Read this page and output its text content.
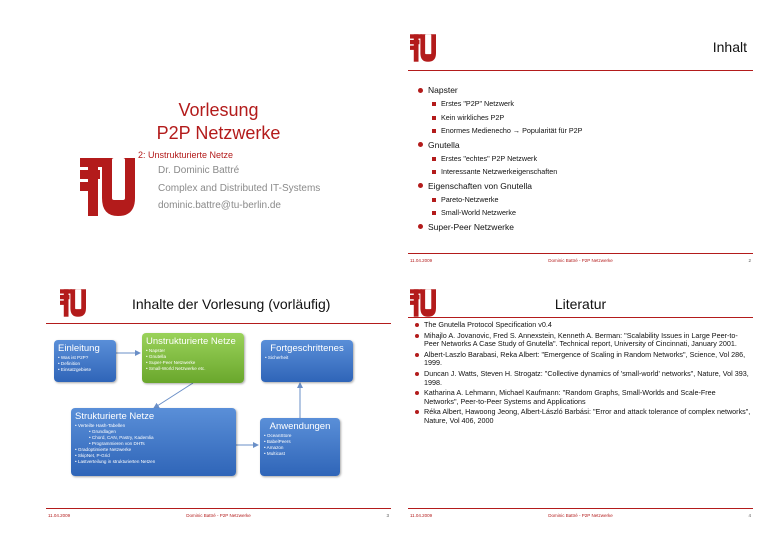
Vorlesung
P2P Netzwerke
2: Unstrukturierte Netze
Dr. Dominic Battré
Complex and Distributed IT-Systems
dominic.battre@tu-berlin.de
Inhalt
Napster
Erstes "P2P" Netzwerk
Kein wirkliches P2P
Enormes Medienecho → Popularität für P2P
Gnutella
Erstes "echtes" P2P Netzwerk
Interessante Netzwerkeigenschaften
Eigenschaften von Gnutella
Pareto-Netzwerke
Small-World Netzwerke
Super-Peer Netzwerke
11.04.2009	Dominic Battré - P2P Netzwerke	2
Inhalte der Vorlesung (vorläufig)
Einleitung
• Was ist P2P?
• Definition
• Einsatzgebiete
Unstrukturierte Netze
• Napster
• Gnutella
• Super-Peer Netzwerke
• Small-World Netzwerke etc.
Fortgeschrittenes
• Sicherheit
Strukturierte Netze
• Verteilte Hash-Tabellen
• Grundlagen
• Chord, CAN, Pastry, Kademlia
• Programmieren von DHTs
• Gradoptimierte Netzwerke
• SkipNet, P-Grid
• Lastverteilung in strukturierten Netzen
Anwendungen
• OceanStore
• BabelPeers
• Amazon
• Multicast
11.04.2009	Dominic Battré - P2P Netzwerke	3
Literatur
The Gnutella Protocol Specification v0.4
Mihajlo A. Jovanovic, Fred S. Annexstein, Kenneth A. Berman: "Scalability Issues in Large Peer-to-Peer Networks A Case Study of Gnutella". Technical report, University of Cincinnati, January 2001.
Albert-Laszlo Barabasi, Reka Albert: "Emergence of Scaling in Random Networks", Science, Vol 286, 1999.
Duncan J. Watts, Steven H. Strogatz: "Collective dynamics of 'small-world' networks", Nature, Vol 393, 1998.
Katharina A. Lehmann, Michael Kaufmann: "Random Graphs, Small-Worlds and Scale-Free Networks", Peer-to-Peer Systems and Applications
Réka Albert, Hawoong Jeong, Albert-László Barbási: "Error and attack tolerance of complex networks", Nature, Vol 406, 2000
11.04.2009	Dominic Battré - P2P Netzwerke	4
